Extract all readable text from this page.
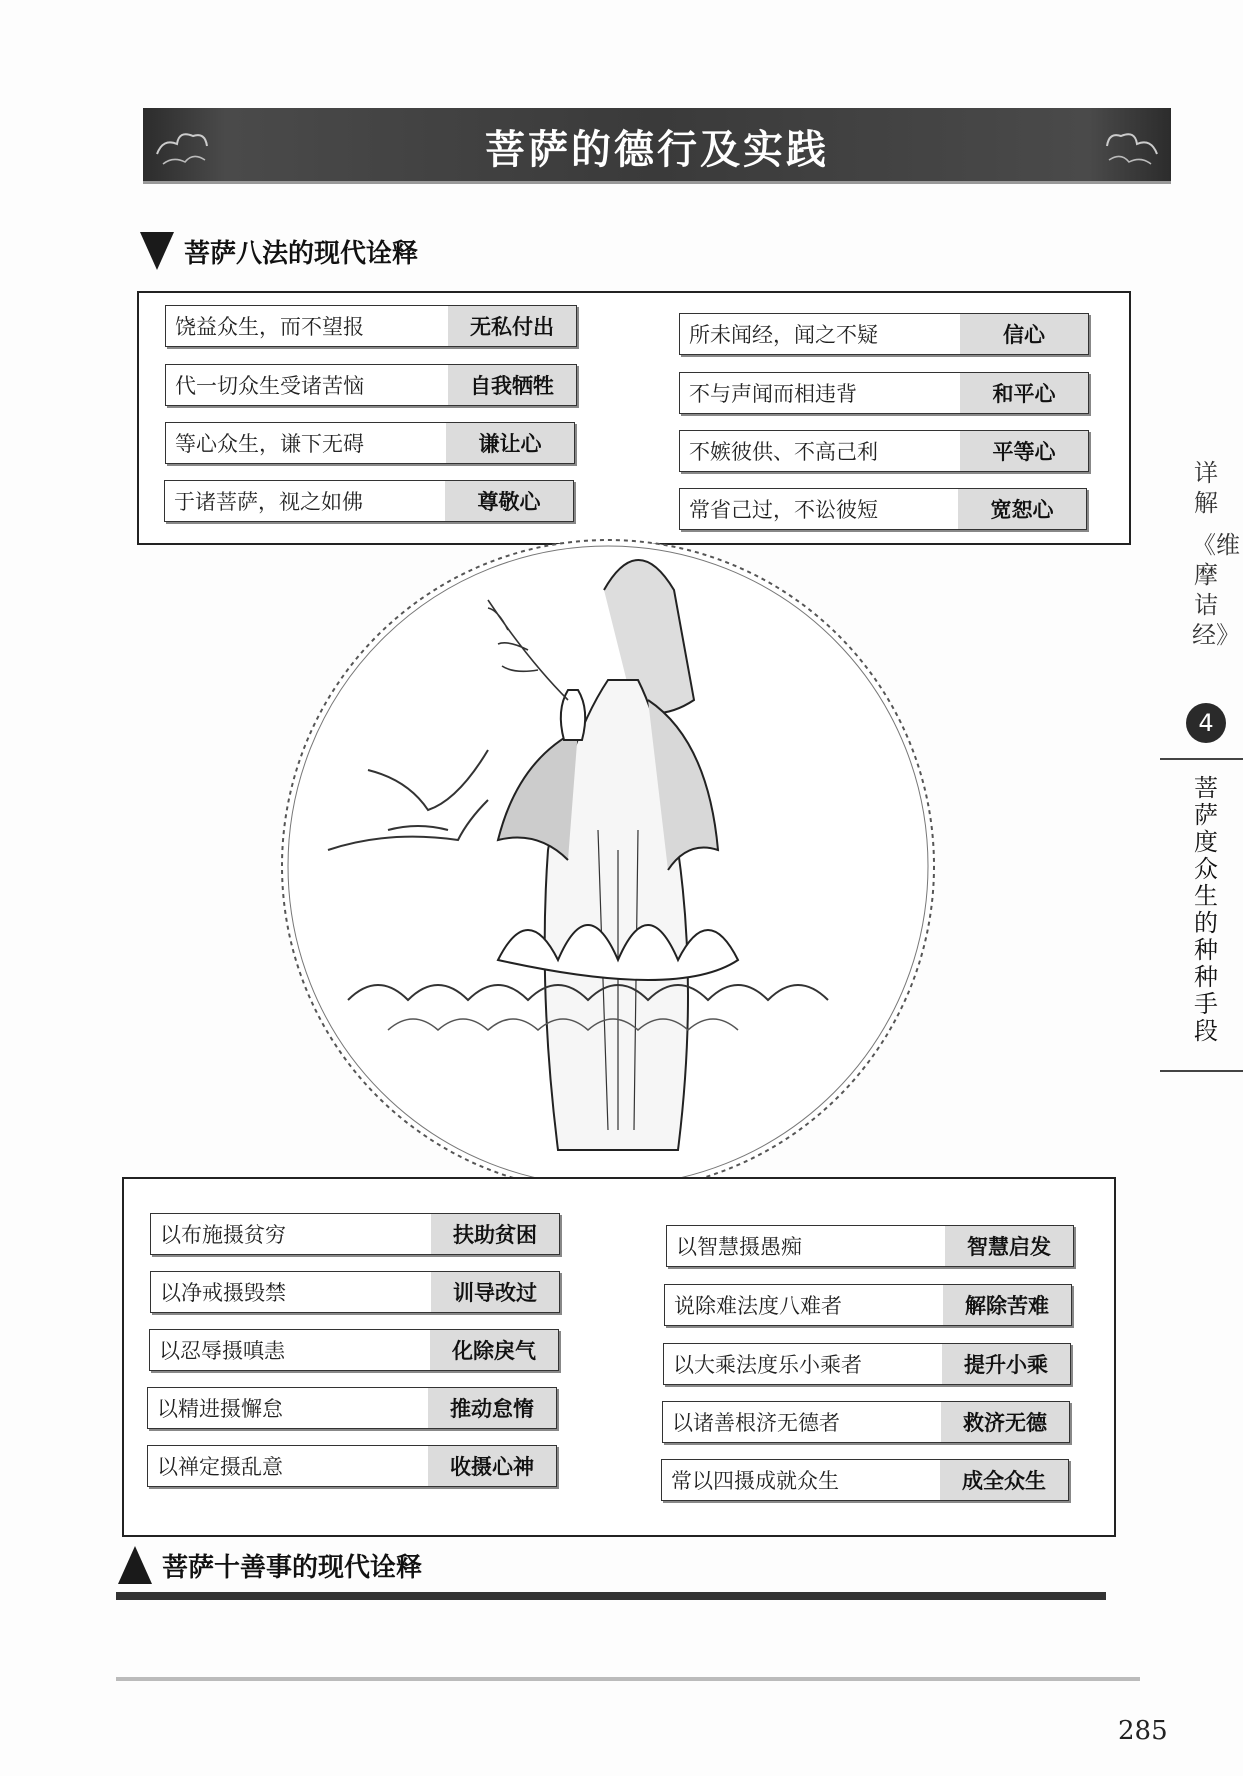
菩萨的德行及实践
菩萨八法的现代诠释
饶益众生，而不望报	无私付出
代一切众生受诸苦恼	自我牺牲
等心众生，谦下无碍	谦让心
于诸菩萨，视之如佛	尊敬心
所未闻经，闻之不疑	信心
不与声闻而相违背	和平心
不嫉彼供、不高己利	平等心
常省己过，不讼彼短	宽恕心
以布施摄贫穷	扶助贫困
以净戒摄毁禁	训导改过
以忍辱摄嗔恚	化除戾气
以精进摄懈怠	推动怠惰
以禅定摄乱意	收摄心神
以智慧摄愚痴	智慧启发
说除难法度八难者	解除苦难
以大乘法度乐小乘者	提升小乘
以诸善根济无德者	救济无德
常以四摄成就众生	成全众生
菩萨十善事的现代诠释
详解
《维摩诘经》
4
菩萨度众生的种种手段
285
